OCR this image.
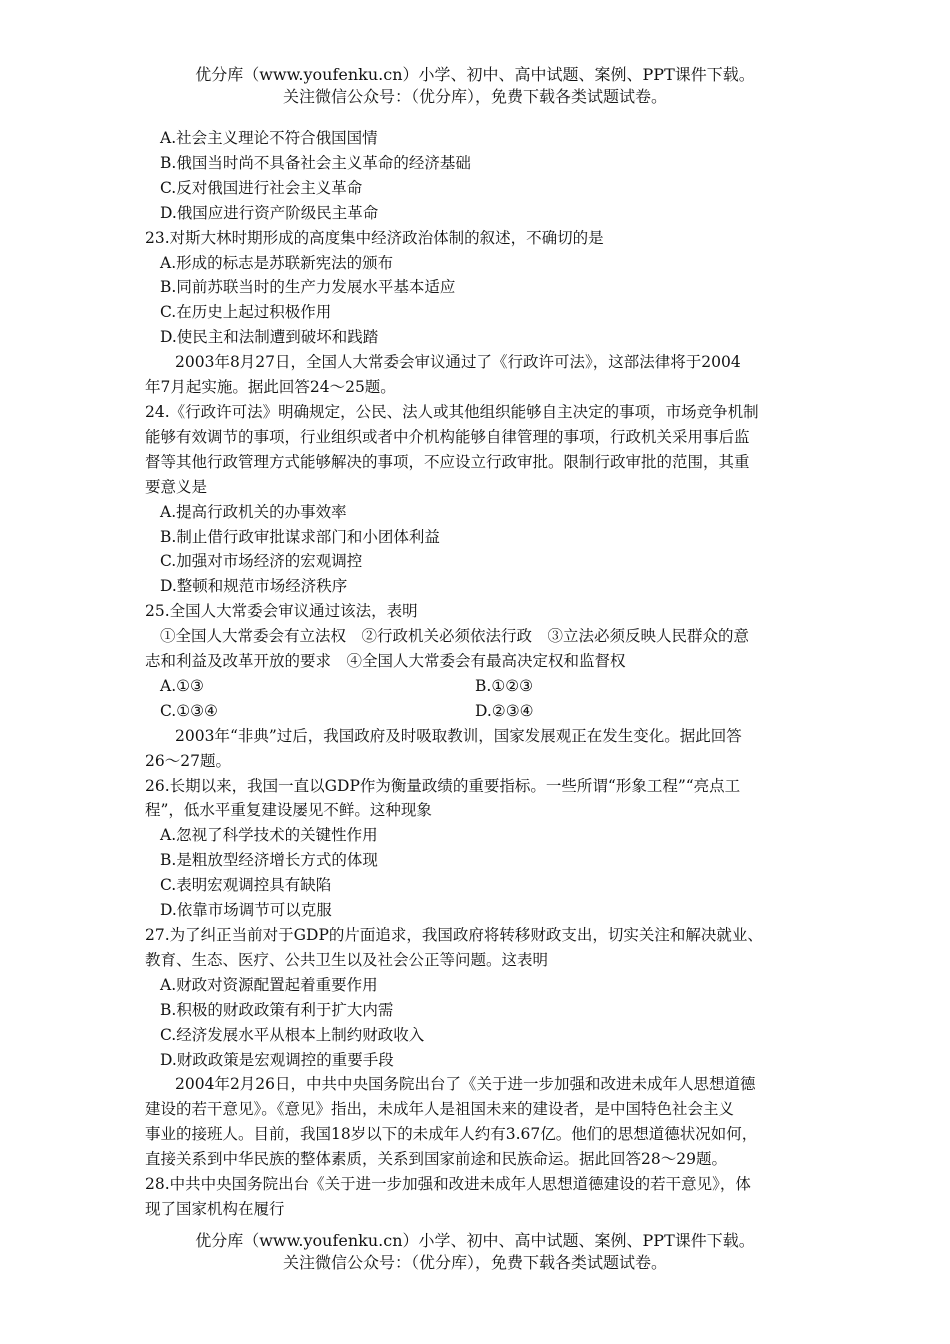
优分库（www.youfenku.cn）小学、初中、高中试题、案例、PPT课件下载。
关注微信公众号：（优分库），免费下载各类试题试卷。
A.社会主义理论不符合俄国国情
B.俄国当时尚不具备社会主义革命的经济基础
C.反对俄国进行社会主义革命
D.俄国应进行资产阶级民主革命
23.对斯大林时期形成的高度集中经济政治体制的叙述，不确切的是
A.形成的标志是苏联新宪法的颁布
B.同前苏联当时的生产力发展水平基本适应
C.在历史上起过积极作用
D.使民主和法制遭到破坏和践踏
2003年8月27日，全国人大常委会审议通过了《行政许可法》，这部法律将于2004
年7月起实施。据此回答24～25题。
24.《行政许可法》明确规定，公民、法人或其他组织能够自主决定的事项，市场竞争机制
能够有效调节的事项，行业组织或者中介机构能够自律管理的事项，行政机关采用事后监
督等其他行政管理方式能够解决的事项，不应设立行政审批。限制行政审批的范围，其重
要意义是
A.提高行政机关的办事效率
B.制止借行政审批谋求部门和小团体利益
C.加强对市场经济的宏观调控
D.整顿和规范市场经济秩序
25.全国人大常委会审议通过该法，表明
①全国人大常委会有立法权　②行政机关必须依法行政　③立法必须反映人民群众的意
志和利益及改革开放的要求　④全国人大常委会有最高决定权和监督权
A.①③	B.①②③
C.①③④	D.②③④
2003年“非典”过后，我国政府及时吸取教训，国家发展观正在发生变化。据此回答
26～27题。
26.长期以来，我国一直以GDP作为衡量政绩的重要指标。一些所谓“形象工程”“亮点工
程”，低水平重复建设屡见不鲜。这种现象
A.忽视了科学技术的关键性作用
B.是粗放型经济增长方式的体现
C.表明宏观调控具有缺陷
D.依靠市场调节可以克服
27.为了纠正当前对于GDP的片面追求，我国政府将转移财政支出，切实关注和解决就业、
教育、生态、医疗、公共卫生以及社会公正等问题。这表明
A.财政对资源配置起着重要作用
B.积极的财政政策有利于扩大内需
C.经济发展水平从根本上制约财政收入
D.财政政策是宏观调控的重要手段
2004年2月26日，中共中央国务院出台了《关于进一步加强和改进未成年人思想道德
建设的若干意见》。《意见》指出，未成年人是祖国未来的建设者，是中国特色社会主义
事业的接班人。目前，我国18岁以下的未成年人约有3.67亿。他们的思想道德状况如何，
直接关系到中华民族的整体素质，关系到国家前途和民族命运。据此回答28～29题。
28.中共中央国务院出台《关于进一步加强和改进未成年人思想道德建设的若干意见》，体
现了国家机构在履行
优分库（www.youfenku.cn）小学、初中、高中试题、案例、PPT课件下载。
关注微信公众号：（优分库），免费下载各类试题试卷。
